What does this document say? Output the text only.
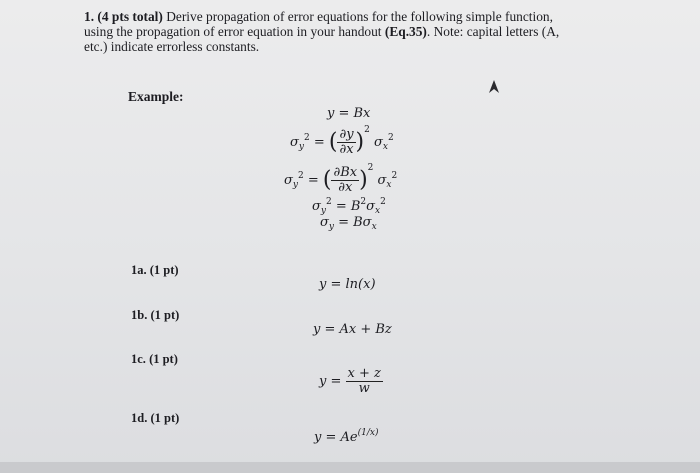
1. (4 pts total) Derive propagation of error equations for the following simple function,
using the propagation of error equation in your handout (Eq.35). Note: capital letters (A,
etc.) indicate errorless constants.
Example:
y = Bx
$\sigma_y^2$ = ( $\frac{\partial y}{\partial x} )^2$ $\sigma_x^2$
$\sigma_y^2$ = ( $\frac{\partial Bx}{\partial x} )^2$ $\sigma_x^2$
$\sigma_y^2 = B^2\sigma_x^2$
$\sigma_y = B\sigma_x$
1a. (1 pt)
y = ln(x)
1b. (1 pt)
y = Ax + Bz
1c. (1 pt)
$y = \frac{x + z}{w}$
1d. (1 pt)
$y = Ae^{(1/x)}$
